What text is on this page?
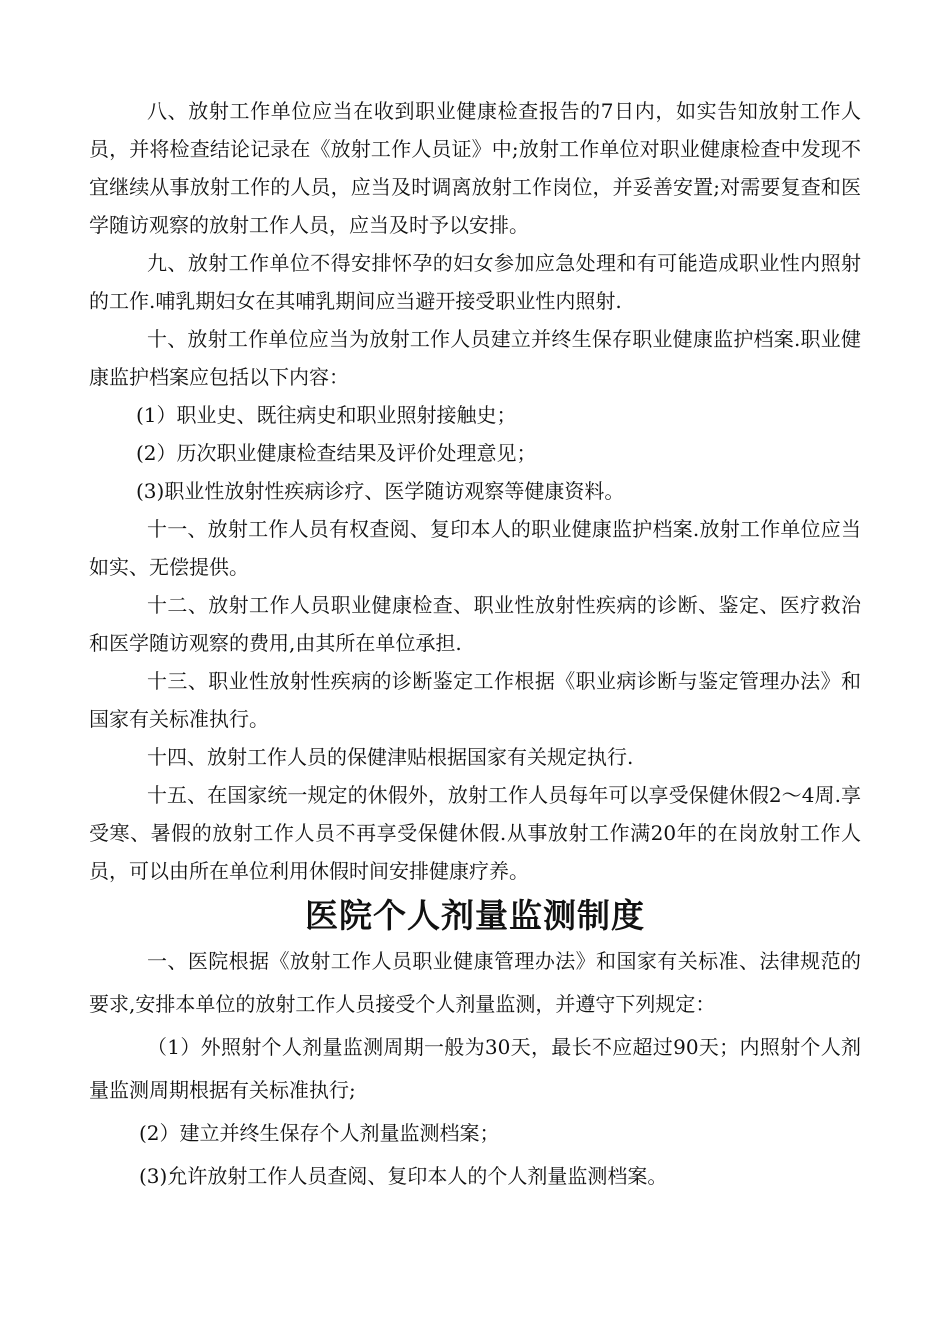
八、放射工作单位应当在收到职业健康检查报告的7日内，如实告知放射工作人员，并将检查结论记录在《放射工作人员证》中;放射工作单位对职业健康检查中发现不宜继续从事放射工作的人员，应当及时调离放射工作岗位，并妥善安置;对需要复查和医学随访观察的放射工作人员，应当及时予以安排。

九、放射工作单位不得安排怀孕的妇女参加应急处理和有可能造成职业性内照射的工作.哺乳期妇女在其哺乳期间应当避开接受职业性内照射.

十、放射工作单位应当为放射工作人员建立并终生保存职业健康监护档案.职业健康监护档案应包括以下内容：

(1）职业史、既往病史和职业照射接触史；

(2）历次职业健康检查结果及评价处理意见；

(3)职业性放射性疾病诊疗、医学随访观察等健康资料。

十一、放射工作人员有权查阅、复印本人的职业健康监护档案.放射工作单位应当如实、无偿提供。

十二、放射工作人员职业健康检查、职业性放射性疾病的诊断、鉴定、医疗救治和医学随访观察的费用,由其所在单位承担.

十三、职业性放射性疾病的诊断鉴定工作根据《职业病诊断与鉴定管理办法》和国家有关标准执行。

十四、放射工作人员的保健津贴根据国家有关规定执行.

十五、在国家统一规定的休假外，放射工作人员每年可以享受保健休假2～4周.享受寒、暑假的放射工作人员不再享受保健休假.从事放射工作满20年的在岗放射工作人员，可以由所在单位利用休假时间安排健康疗养。

医院个人剂量监测制度

一、医院根据《放射工作人员职业健康管理办法》和国家有关标准、法律规范的要求,安排本单位的放射工作人员接受个人剂量监测，并遵守下列规定：

（1）外照射个人剂量监测周期一般为30天，最长不应超过90天；内照射个人剂量监测周期根据有关标准执行;

(2）建立并终生保存个人剂量监测档案；

(3)允许放射工作人员查阅、复印本人的个人剂量监测档案。
